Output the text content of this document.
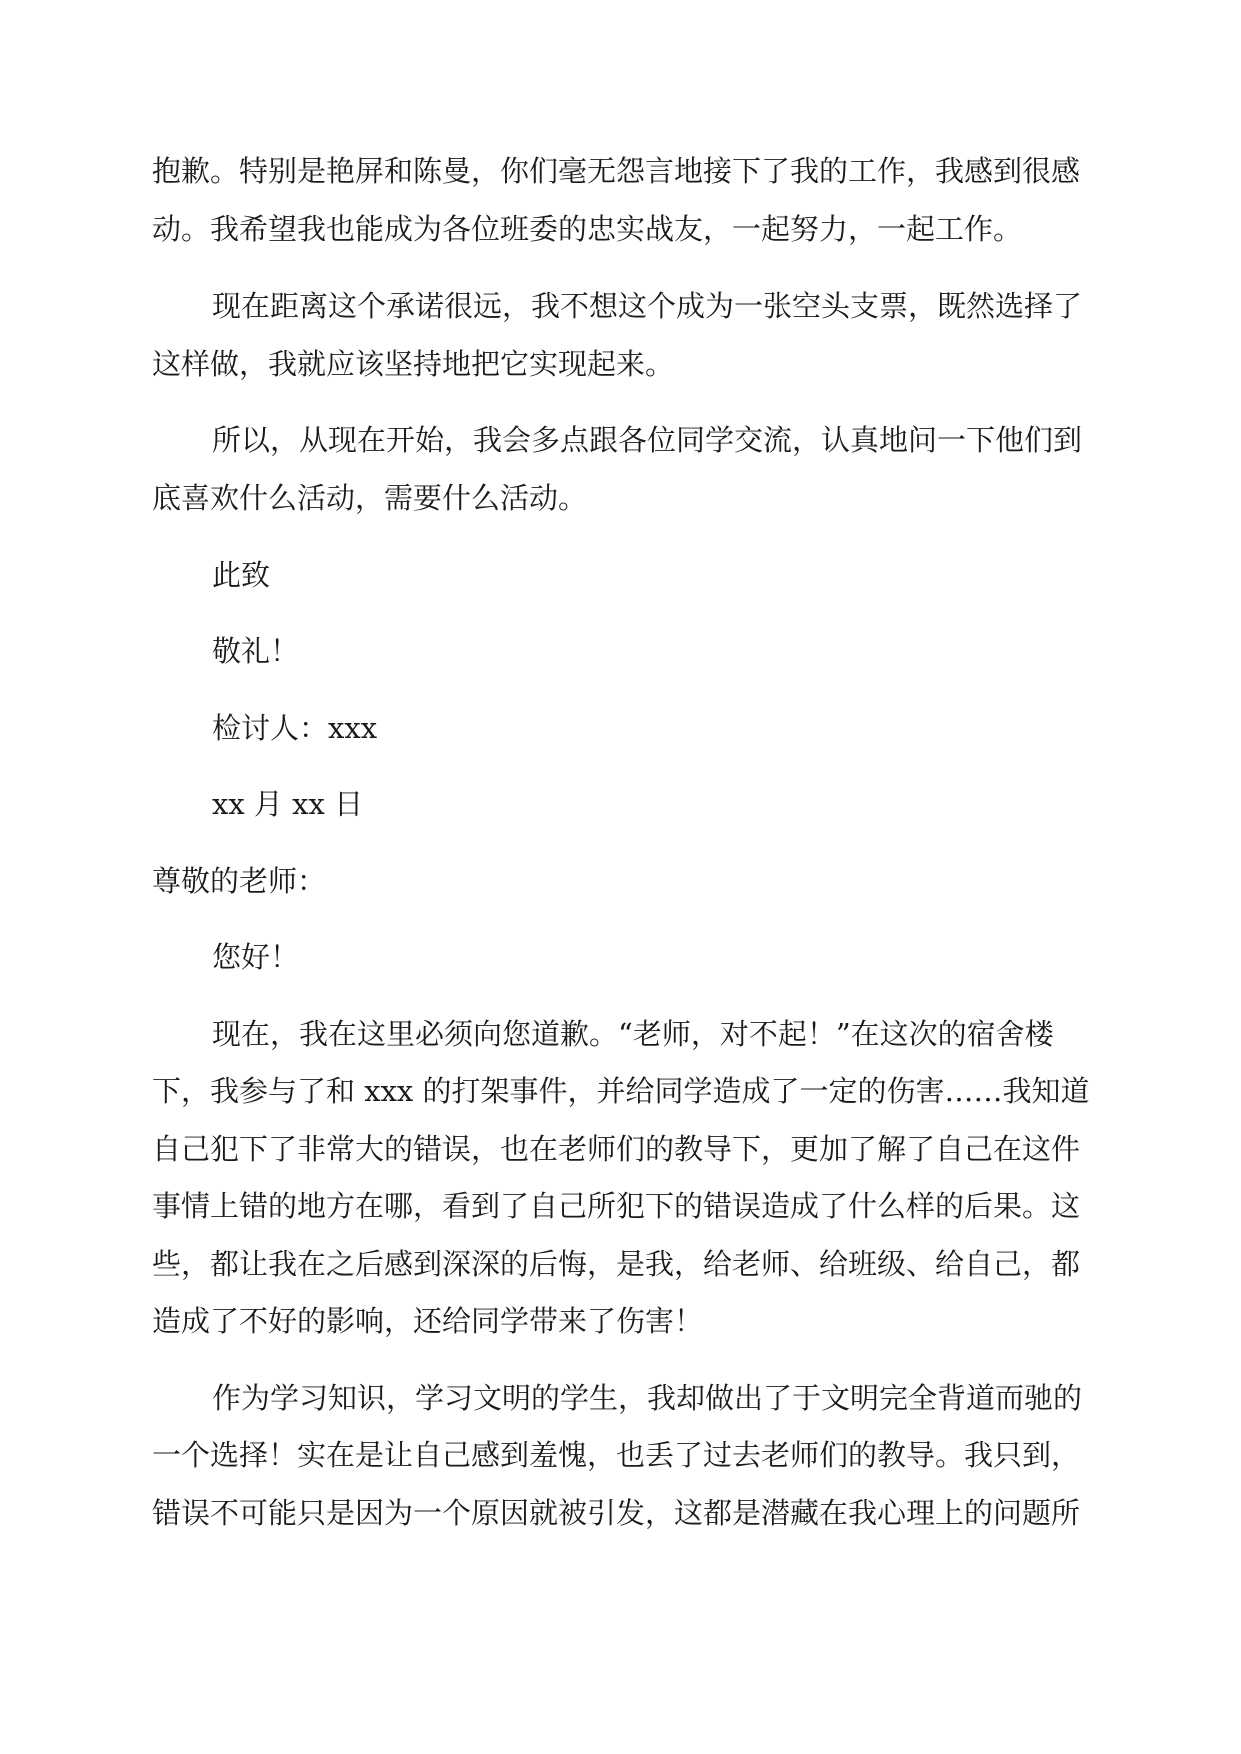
抱歉。特别是艳屏和陈曼，你们毫无怨言地接下了我的工作，我感到很感
动。我希望我也能成为各位班委的忠实战友，一起努力，一起工作。
现在距离这个承诺很远，我不想这个成为一张空头支票，既然选择了
这样做，我就应该坚持地把它实现起来。
所以，从现在开始，我会多点跟各位同学交流，认真地问一下他们到
底喜欢什么活动，需要什么活动。
此致
敬礼！
检讨人：xxx
xx 月 xx 日
尊敬的老师：
您好！
现在，我在这里必须向您道歉。“老师，对不起！”在这次的宿舍楼
下，我参与了和 xxx 的打架事件，并给同学造成了一定的伤害……我知道
自己犯下了非常大的错误，也在老师们的教导下，更加了解了自己在这件
事情上错的地方在哪，看到了自己所犯下的错误造成了什么样的后果。这
些，都让我在之后感到深深的后悔，是我，给老师、给班级、给自己，都
造成了不好的影响，还给同学带来了伤害！
作为学习知识，学习文明的学生，我却做出了于文明完全背道而驰的
一个选择！实在是让自己感到羞愧，也丢了过去老师们的教导。我只到，
错误不可能只是因为一个原因就被引发，这都是潜藏在我心理上的问题所
